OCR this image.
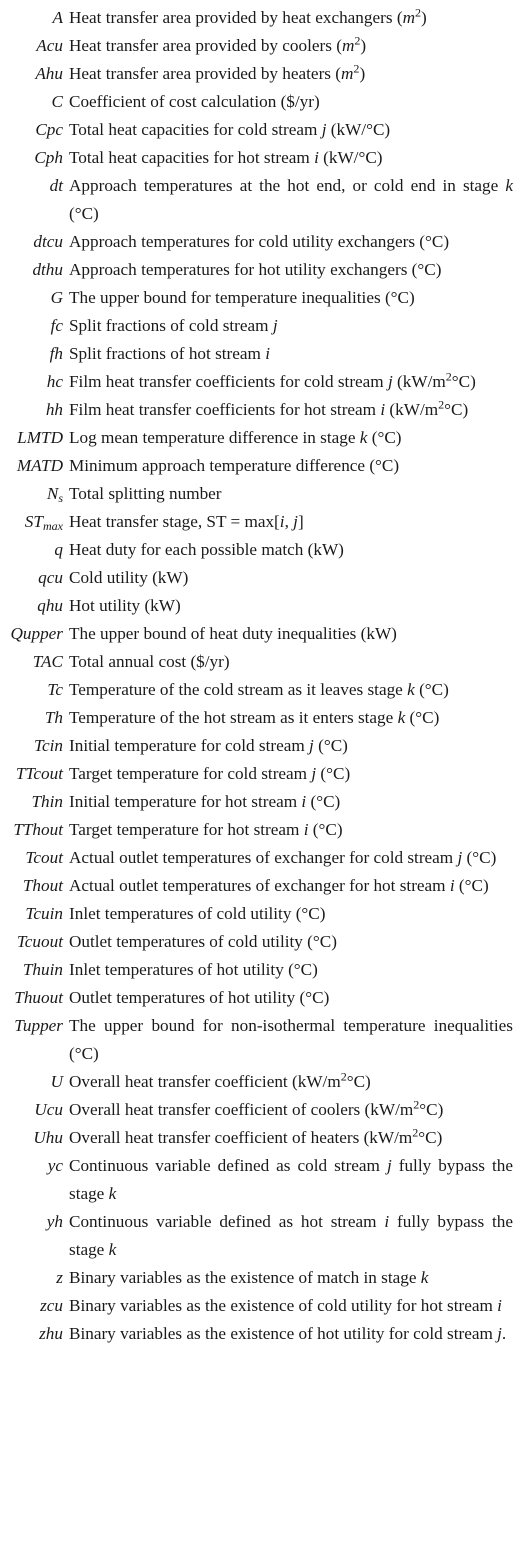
A Heat transfer area provided by heat exchangers $(m^2)$
Acu Heat transfer area provided by coolers $(m^2)$
Ahu Heat transfer area provided by heaters $(m^2)$
C Coefficient of cost calculation ($/yr)
Cpc Total heat capacities for cold stream j (kW/°C)
Cph Total heat capacities for hot stream i (kW/°C)
dt Approach temperatures at the hot end, or cold end in stage k (°C)
dtcu Approach temperatures for cold utility exchangers (°C)
dthu Approach temperatures for hot utility exchangers (°C)
G The upper bound for temperature inequalities (°C)
fc Split fractions of cold stream j
fh Split fractions of hot stream i
hc Film heat transfer coefficients for cold stream j $(kW/m^2^\circ C)$
hh Film heat transfer coefficients for hot stream i $(kW/m^2^\circ C)$
LMTD Log mean temperature difference in stage k (°C)
MATD Minimum approach temperature difference (°C)
$N_s$ Total splitting number
$ST_{max}$ Heat transfer stage, ST = max[i, j]
q Heat duty for each possible match (kW)
qcu Cold utility (kW)
qhu Hot utility (kW)
Qupper The upper bound of heat duty inequalities (kW)
TAC Total annual cost ($/yr)
Tc Temperature of the cold stream as it leaves stage k (°C)
Th Temperature of the hot stream as it enters stage k (°C)
Tcin Initial temperature for cold stream j (°C)
TTcout Target temperature for cold stream j (°C)
Thin Initial temperature for hot stream i (°C)
TThout Target temperature for hot stream i (°C)
Tcout Actual outlet temperatures of exchanger for cold stream j (°C)
Thout Actual outlet temperatures of exchanger for hot stream i (°C)
Tcuin Inlet temperatures of cold utility (°C)
Tcuout Outlet temperatures of cold utility (°C)
Thuin Inlet temperatures of hot utility (°C)
Thuout Outlet temperatures of hot utility (°C)
Tupper The upper bound for non-isothermal temperature inequalities (°C)
U Overall heat transfer coefficient $(kW/m^2^\circ C)$
Ucu Overall heat transfer coefficient of coolers $(kW/m^2^\circ C)$
Uhu Overall heat transfer coefficient of heaters $(kW/m^2^\circ C)$
yc Continuous variable defined as cold stream j fully bypass the stage k
yh Continuous variable defined as hot stream i fully bypass the stage k
z Binary variables as the existence of match in stage k
zcu Binary variables as the existence of cold utility for hot stream i
zhu Binary variables as the existence of hot utility for cold stream j.
